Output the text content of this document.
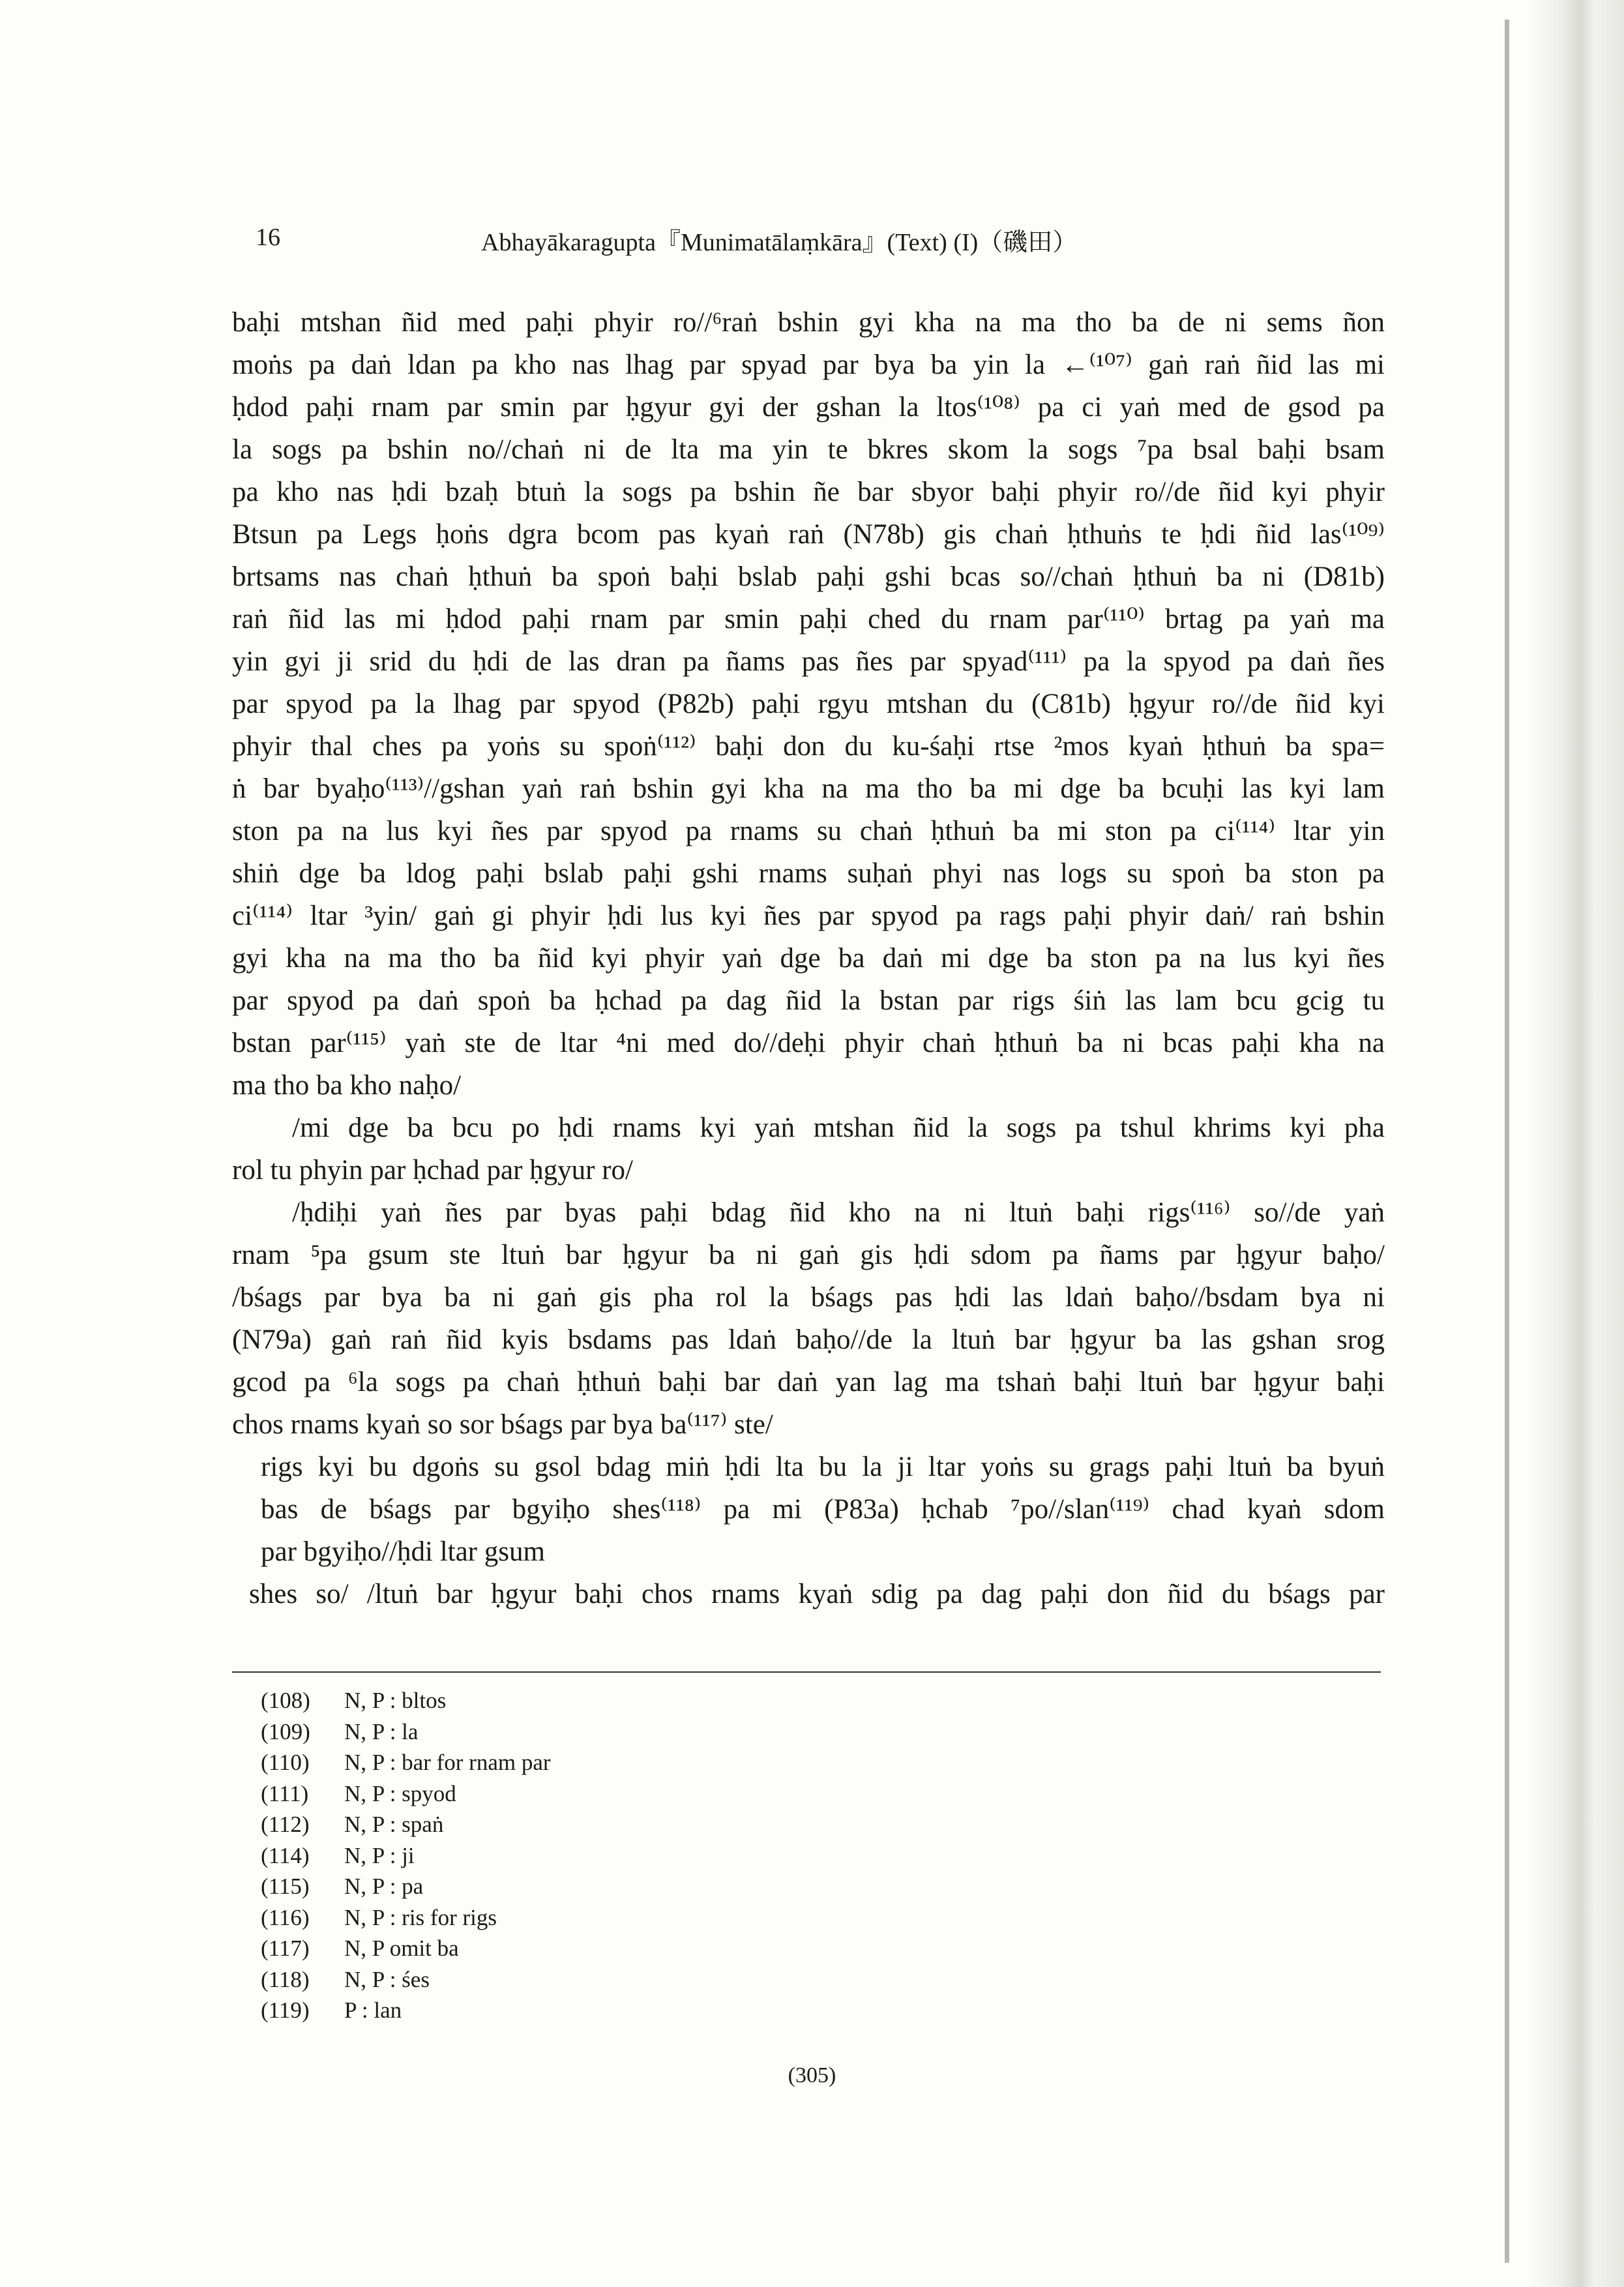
16	Abhayākaragupta『Munimatālaṃkāra』(Text) (I)（磯田）
baḥi mtshan ñid med paḥi phyir ro//⁶raṅ bshin gyi kha na ma tho ba de ni sems ñon
moṅs pa daṅ ldan pa kho nas lhag par spyad par bya ba yin la ←⁽¹⁰⁷⁾ gaṅ raṅ ñid las mi
ḥdod paḥi rnam par smin par ḥgyur gyi der gshan la ltos⁽¹⁰⁸⁾ pa ci yaṅ med de gsod pa
la sogs pa bshin no//chaṅ ni de lta ma yin te bkres skom la sogs ⁷pa bsal baḥi bsam
pa kho nas ḥdi bzaḥ btuṅ la sogs pa bshin ñe bar sbyor baḥi phyir ro//de ñid kyi phyir
Btsun pa Legs ḥoṅs dgra bcom pas kyaṅ raṅ (N78b) gis chaṅ ḥthuṅs te ḥdi ñid las⁽¹⁰⁹⁾
brtsams nas chaṅ ḥthuṅ ba spoṅ baḥi bslab paḥi gshi bcas so//chaṅ ḥthuṅ ba ni (D81b)
raṅ ñid las mi ḥdod paḥi rnam par smin paḥi ched du rnam par⁽¹¹⁰⁾ brtag pa yaṅ ma
yin gyi ji srid du ḥdi de las dran pa ñams pas ñes par spyad⁽¹¹¹⁾ pa la spyod pa daṅ ñes
par spyod pa la lhag par spyod (P82b) paḥi rgyu mtshan du (C81b) ḥgyur ro//de ñid kyi
phyir thal ches pa yoṅs su spoṅ⁽¹¹²⁾ baḥi don du ku-śaḥi rtse ²mos kyaṅ ḥthuṅ ba spa=
ṅ bar byaḥo⁽¹¹³⁾//gshan yaṅ raṅ bshin gyi kha na ma tho ba mi dge ba bcuḥi las kyi lam
ston pa na lus kyi ñes par spyod pa rnams su chaṅ ḥthuṅ ba mi ston pa ci⁽¹¹⁴⁾ ltar yin
shiṅ dge ba ldog paḥi bslab paḥi gshi rnams suḥaṅ phyi nas logs su spoṅ ba ston pa
ci⁽¹¹⁴⁾ ltar ³yin/ gaṅ gi phyir ḥdi lus kyi ñes par spyod pa rags paḥi phyir daṅ/ raṅ bshin
gyi kha na ma tho ba ñid kyi phyir yaṅ dge ba daṅ mi dge ba ston pa na lus kyi ñes
par spyod pa daṅ spoṅ ba ḥchad pa dag ñid la bstan par rigs śiṅ las lam bcu gcig tu
bstan par⁽¹¹⁵⁾ yaṅ ste de ltar ⁴ni med do//deḥi phyir chaṅ ḥthuṅ ba ni bcas paḥi kha na
ma tho ba kho naḥo/
/mi dge ba bcu po ḥdi rnams kyi yaṅ mtshan ñid la sogs pa tshul khrims kyi pha
rol tu phyin par ḥchad par ḥgyur ro/
/ḥdiḥi yaṅ ñes par byas paḥi bdag ñid kho na ni ltuṅ baḥi rigs⁽¹¹⁶⁾ so//de yaṅ
rnam ⁵pa gsum ste ltuṅ bar ḥgyur ba ni gaṅ gis ḥdi sdom pa ñams par ḥgyur baḥo/
/bśags par bya ba ni gaṅ gis pha rol la bśags pas ḥdi las ldaṅ baḥo//bsdam bya ni
(N79a) gaṅ raṅ ñid kyis bsdams pas ldaṅ baḥo//de la ltuṅ bar ḥgyur ba las gshan srog
gcod pa ⁶la sogs pa chaṅ ḥthuṅ baḥi bar daṅ yan lag ma tshaṅ baḥi ltuṅ bar ḥgyur baḥi
chos rnams kyaṅ so sor bśags par bya ba⁽¹¹⁷⁾ ste/
rigs kyi bu dgoṅs su gsol bdag miṅ ḥdi lta bu la ji ltar yoṅs su grags paḥi ltuṅ ba byuṅ
bas de bśags par bgyiḥo shes⁽¹¹⁸⁾ pa mi (P83a) ḥchab ⁷po//slan⁽¹¹⁹⁾ chad kyaṅ sdom
par bgyiḥo//ḥdi ltar gsum
shes so/ /ltuṅ bar ḥgyur baḥi chos rnams kyaṅ sdig pa dag paḥi don ñid du bśags par
(108) N, P : bltos
(109) N, P : la
(110) N, P : bar for rnam par
(111) N, P : spyod
(112) N, P : spaṅ
(114) N, P : ji
(115) N, P : pa
(116) N, P : ris for rigs
(117) N, P omit ba
(118) N, P : śes
(119) P : lan
(305)
